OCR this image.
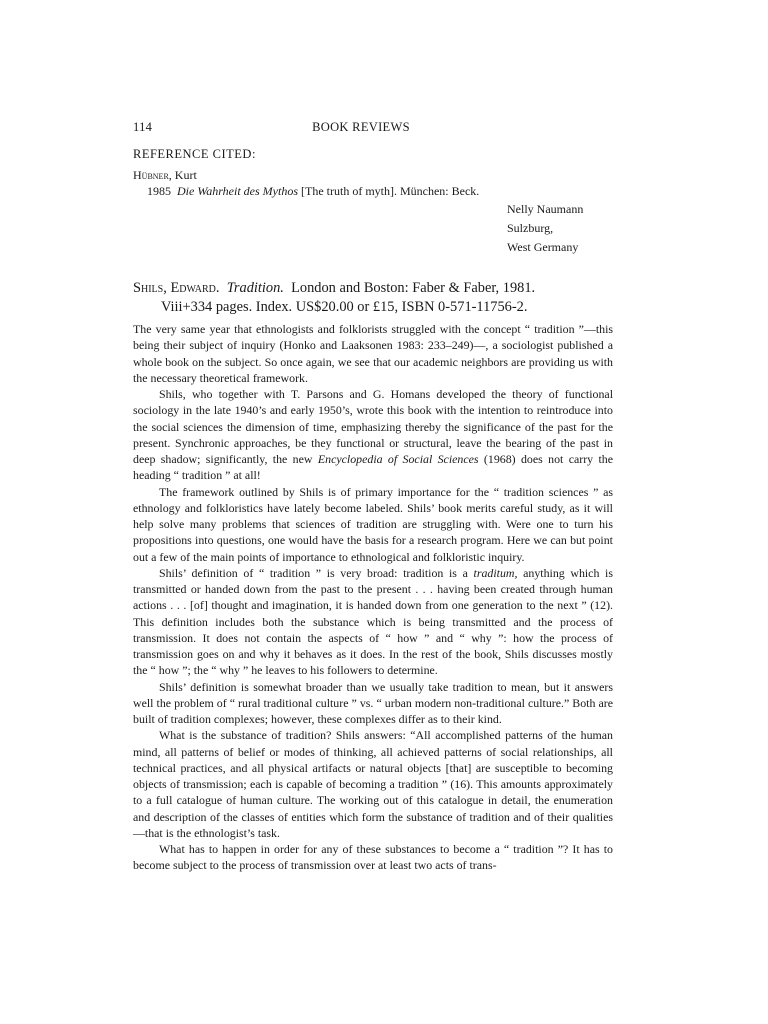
114	BOOK REVIEWS
REFERENCE CITED:
Hübner, Kurt
1985 Die Wahrheit des Mythos [The truth of myth]. München: Beck.
Nelly Naumann
Sulzburg,
West Germany
Shils, Edward. Tradition. London and Boston: Faber & Faber, 1981.
Viii+334 pages. Index. US$20.00 or £15, ISBN 0-571-11756-2.

The very same year that ethnologists and folklorists struggled with the concept “ tradition ”—this being their subject of inquiry (Honko and Laaksonen 1983: 233–249)—, a sociologist published a whole book on the subject. So once again, we see that our academic neighbors are providing us with the necessary theoretical framework.

Shils, who together with T. Parsons and G. Homans developed the theory of functional sociology in the late 1940’s and early 1950’s, wrote this book with the intention to reintroduce into the social sciences the dimension of time, emphasizing thereby the significance of the past for the present. Synchronic approaches, be they functional or structural, leave the bearing of the past in deep shadow; significantly, the new Encyclopedia of Social Sciences (1968) does not carry the heading “ tradition ” at all!

The framework outlined by Shils is of primary importance for the “ tradition sciences ” as ethnology and folkloristics have lately become labeled. Shils’ book merits careful study, as it will help solve many problems that sciences of tradition are struggling with. Were one to turn his propositions into questions, one would have the basis for a research program. Here we can but point out a few of the main points of importance to ethnological and folkloristic inquiry.

Shils’ definition of “ tradition ” is very broad: tradition is a traditum, anything which is transmitted or handed down from the past to the present . . . having been created through human actions . . . [of] thought and imagination, it is handed down from one generation to the next ” (12). This definition includes both the substance which is being transmitted and the process of transmission. It does not contain the aspects of “ how ” and “ why ”: how the process of transmission goes on and why it behaves as it does. In the rest of the book, Shils discusses mostly the “ how ”; the “ why ” he leaves to his followers to determine.

Shils’ definition is somewhat broader than we usually take tradition to mean, but it answers well the problem of “ rural traditional culture ” vs. “ urban modern non-traditional culture.” Both are built of tradition complexes; however, these complexes differ as to their kind.

What is the substance of tradition? Shils answers: “All accomplished patterns of the human mind, all patterns of belief or modes of thinking, all achieved patterns of social relationships, all technical practices, and all physical artifacts or natural objects [that] are susceptible to becoming objects of transmission; each is capable of becoming a tradition ” (16). This amounts approximately to a full catalogue of human culture. The working out of this catalogue in detail, the enumeration and description of the classes of entities which form the substance of tradition and of their qualities—that is the ethnologist’s task.

What has to happen in order for any of these substances to become a “ tradition ”? It has to become subject to the process of transmission over at least two acts of trans-
